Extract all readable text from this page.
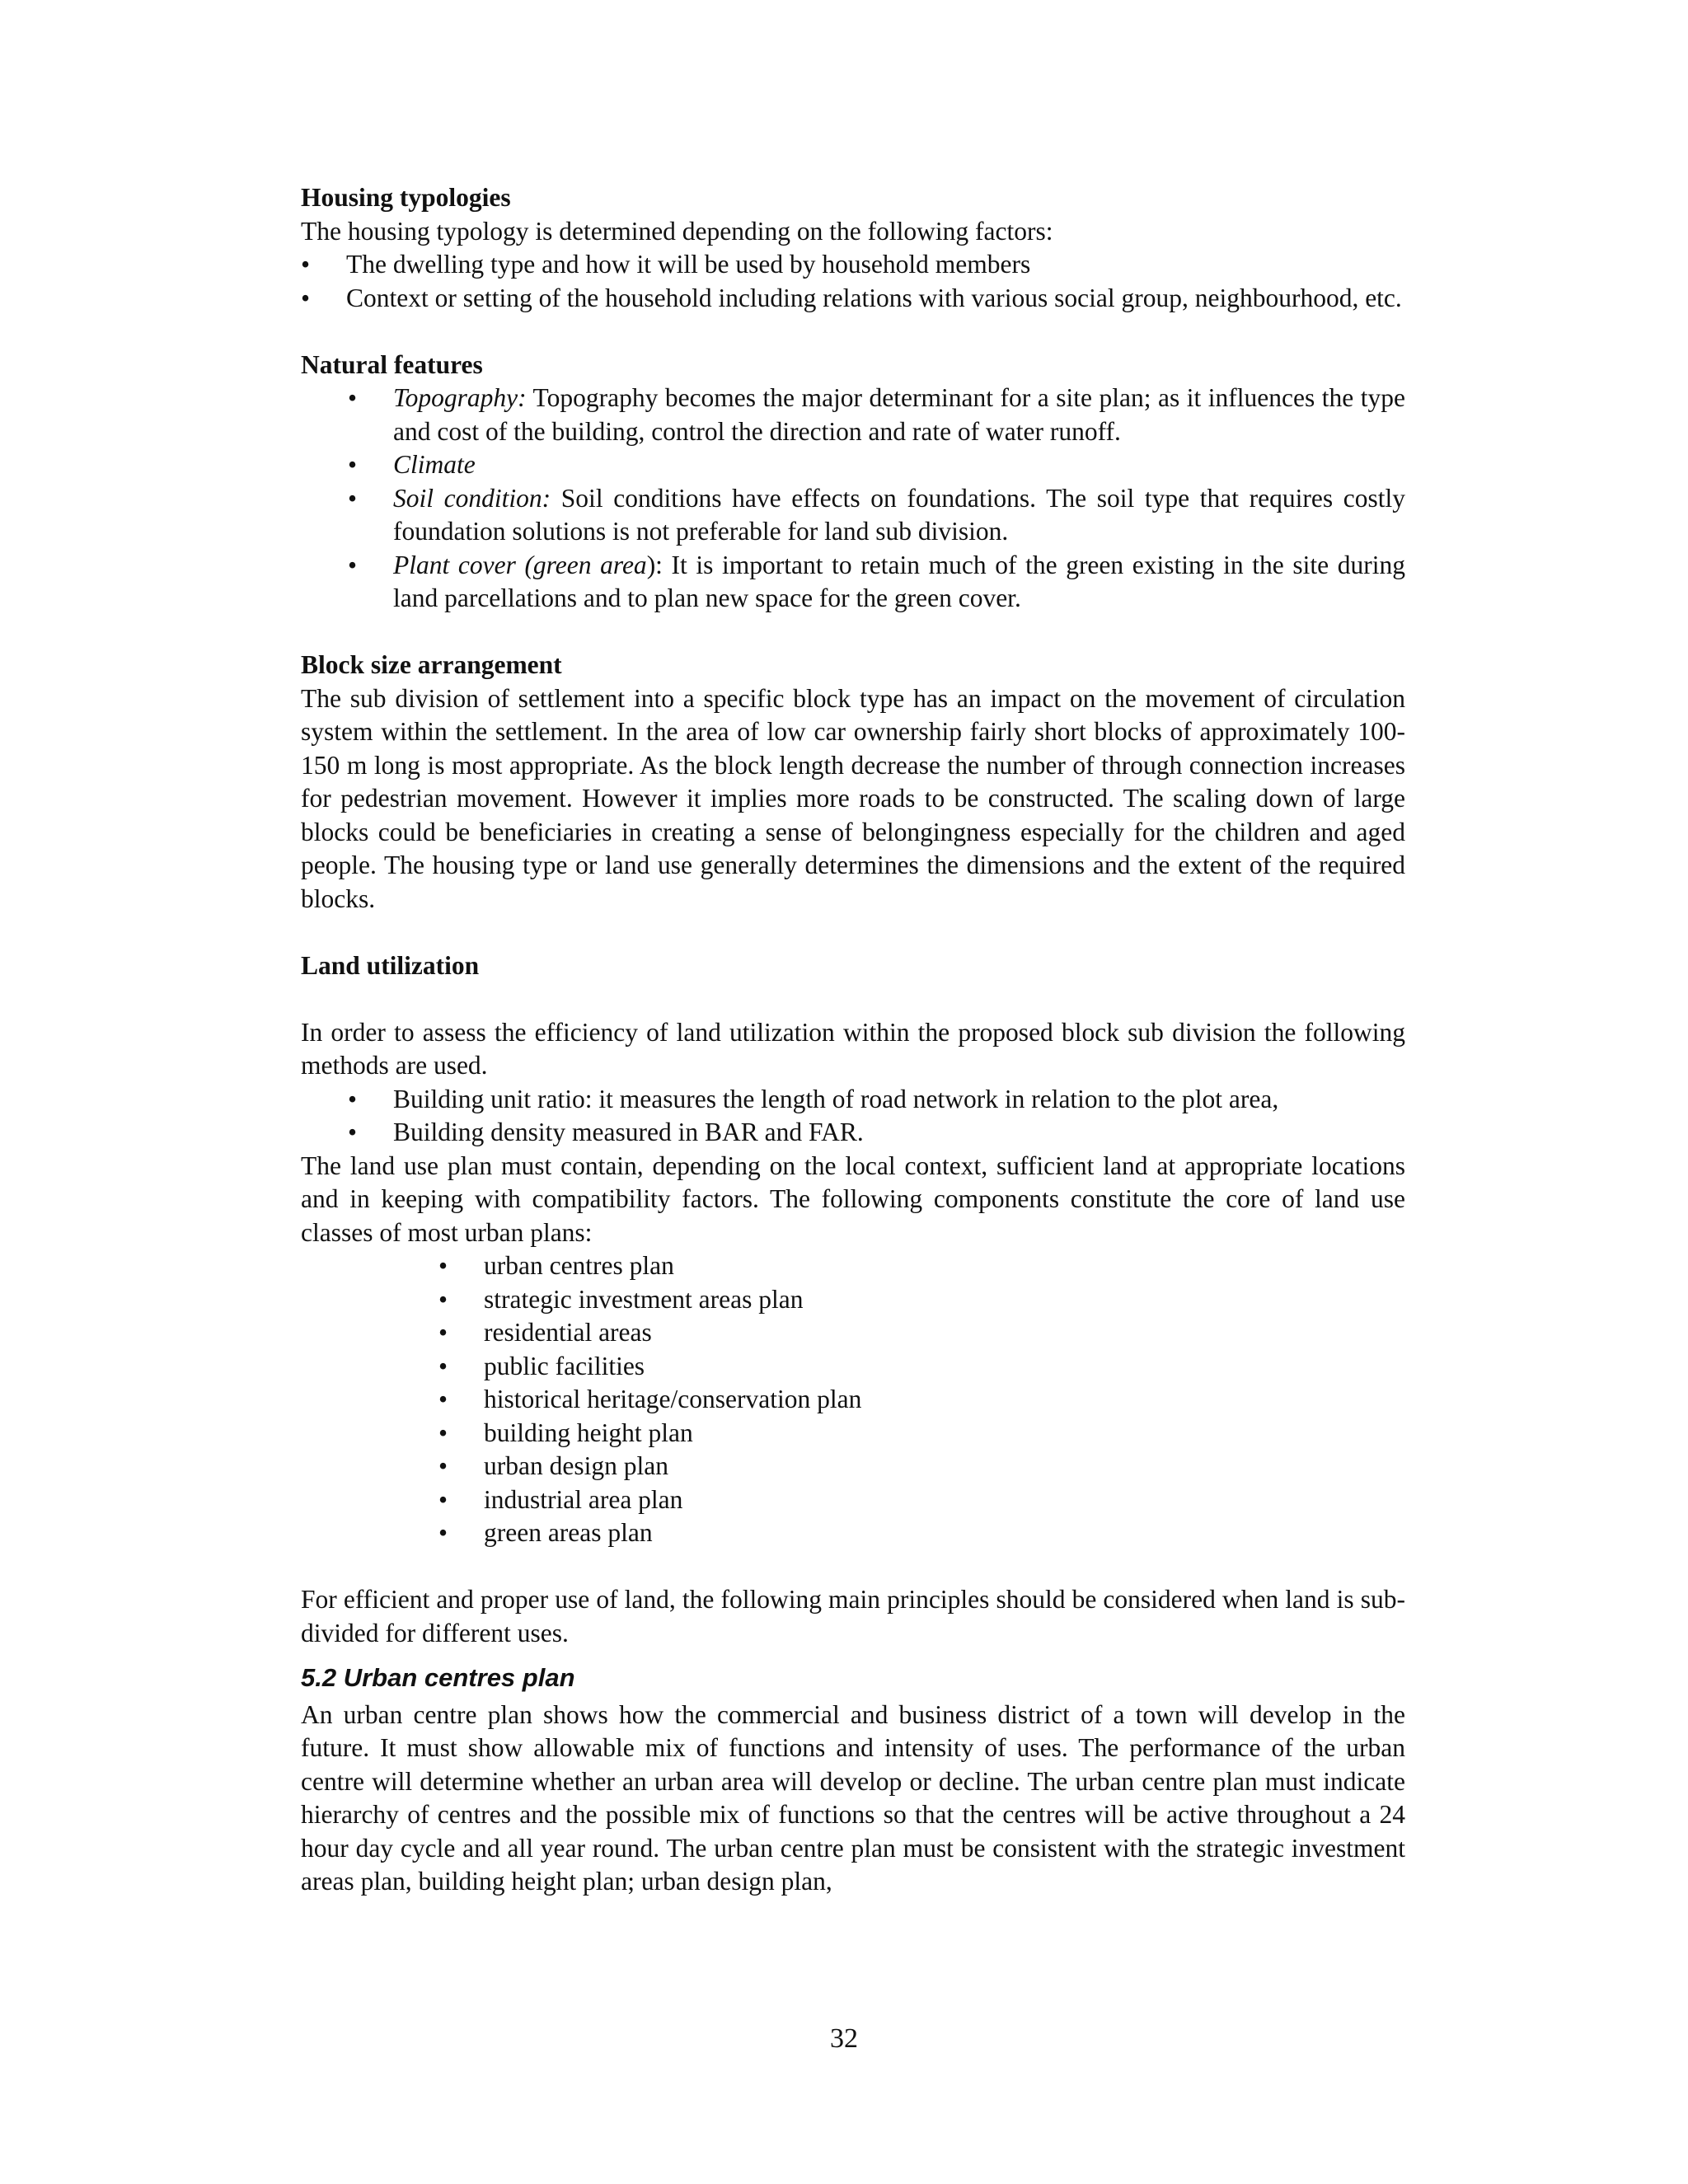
Housing typologies

The housing typology is determined depending on the following factors:

• The dwelling type and how it will be used by household members
• Context or setting of the household including relations with various social group, neighbourhood, etc.

Natural features

• Topography: Topography becomes the major determinant for a site plan; as it influences the type and cost of the building, control the direction and rate of water runoff.
• Climate
• Soil condition: Soil conditions have effects on foundations. The soil type that requires costly foundation solutions is not preferable for land sub division.
• Plant cover (green area): It is important to retain much of the green existing in the site during land parcellations and to plan new space for the green cover.

Block size arrangement

The sub division of settlement into a specific block type has an impact on the movement of circulation system within the settlement. In the area of low car ownership fairly short blocks of approximately 100-150 m long is most appropriate. As the block length decrease the number of through connection increases for pedestrian movement. However it implies more roads to be constructed. The scaling down of large blocks could be beneficiaries in creating a sense of belongingness especially for the children and aged people. The housing type or land use generally determines the dimensions and the extent of the required blocks.

Land utilization

In order to assess the efficiency of land utilization within the proposed block sub division the following methods are used.

• Building unit ratio: it measures the length of road network in relation to the plot area,
• Building density measured in BAR and FAR.

The land use plan must contain, depending on the local context, sufficient land at appropriate locations and in keeping with compatibility factors. The following components constitute the core of land use classes of most urban plans:

• urban centres plan
• strategic investment areas plan
• residential areas
• public facilities
• historical heritage/conservation plan
• building height plan
• urban design plan
• industrial area plan
• green areas plan

For efficient and proper use of land, the following main principles should be considered when land is sub-divided for different uses.

5.2 Urban centres plan

An urban centre plan shows how the commercial and business district of a town will develop in the future. It must show allowable mix of functions and intensity of uses. The performance of the urban centre will determine whether an urban area will develop or decline. The urban centre plan must indicate hierarchy of centres and the possible mix of functions so that the centres will be active throughout a 24 hour day cycle and all year round. The urban centre plan must be consistent with the strategic investment areas plan, building height plan; urban design plan,

32
